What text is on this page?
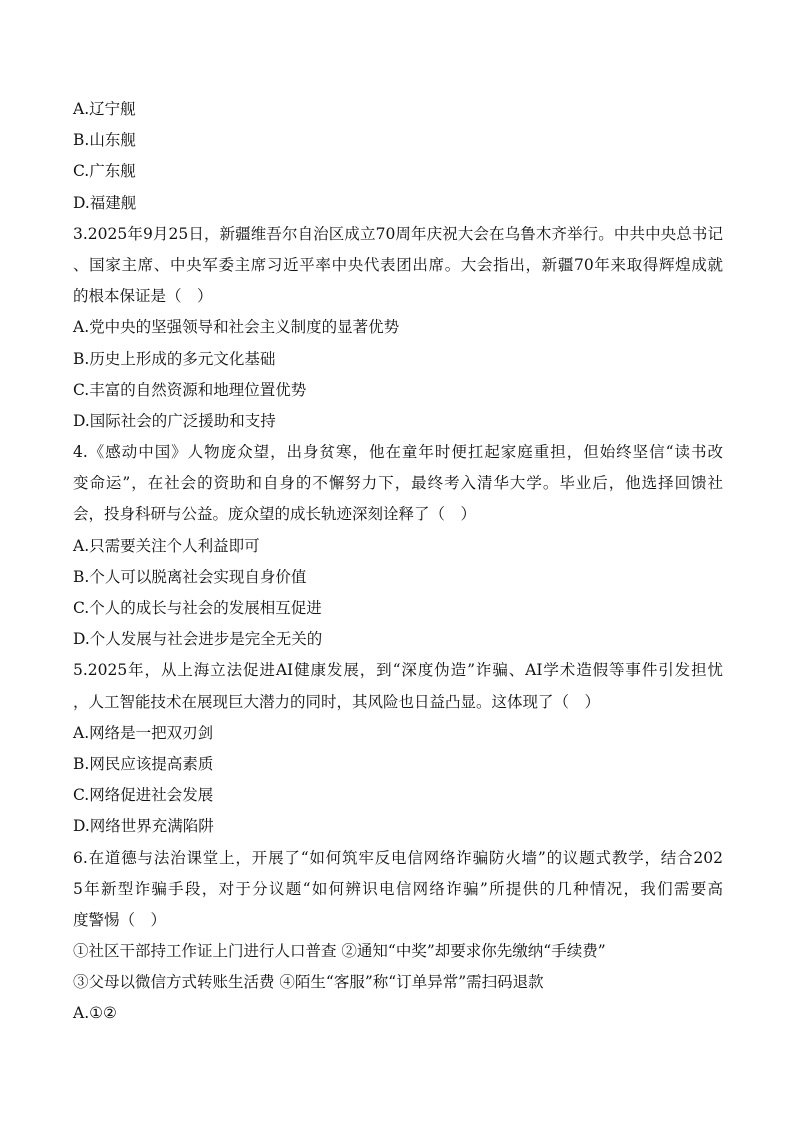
A.辽宁舰
B.山东舰
C.广东舰
D.福建舰
3.2025年9月25日，新疆维吾尔自治区成立70周年庆祝大会在乌鲁木齐举行。中共中央总书记
、国家主席、中央军委主席习近平率中央代表团出席。大会指出，新疆70年来取得辉煌成就
的根本保证是（　）
A.党中央的坚强领导和社会主义制度的显著优势
B.历史上形成的多元文化基础
C.丰富的自然资源和地理位置优势
D.国际社会的广泛援助和支持
4.《感动中国》人物庞众望，出身贫寒，他在童年时便扛起家庭重担，但始终坚信“读书改
变命运”，在社会的资助和自身的不懈努力下，最终考入清华大学。毕业后，他选择回馈社
会，投身科研与公益。庞众望的成长轨迹深刻诠释了（　）
A.只需要关注个人利益即可
B.个人可以脱离社会实现自身价值
C.个人的成长与社会的发展相互促进
D.个人发展与社会进步是完全无关的
5.2025年，从上海立法促进AI健康发展，到“深度伪造”诈骗、AI学术造假等事件引发担忧
，人工智能技术在展现巨大潜力的同时，其风险也日益凸显。这体现了（　）
A.网络是一把双刃剑
B.网民应该提高素质
C.网络促进社会发展
D.网络世界充满陷阱
6.在道德与法治课堂上，开展了“如何筑牢反电信网络诈骗防火墙”的议题式教学，结合202
5年新型诈骗手段，对于分议题“如何辨识电信网络诈骗”所提供的几种情况，我们需要高
度警惕（　）
①社区干部持工作证上门进行人口普查 ②通知“中奖”却要求你先缴纳“手续费”
③父母以微信方式转账生活费 ④陌生“客服”称“订单异常”需扫码退款
A.①②
